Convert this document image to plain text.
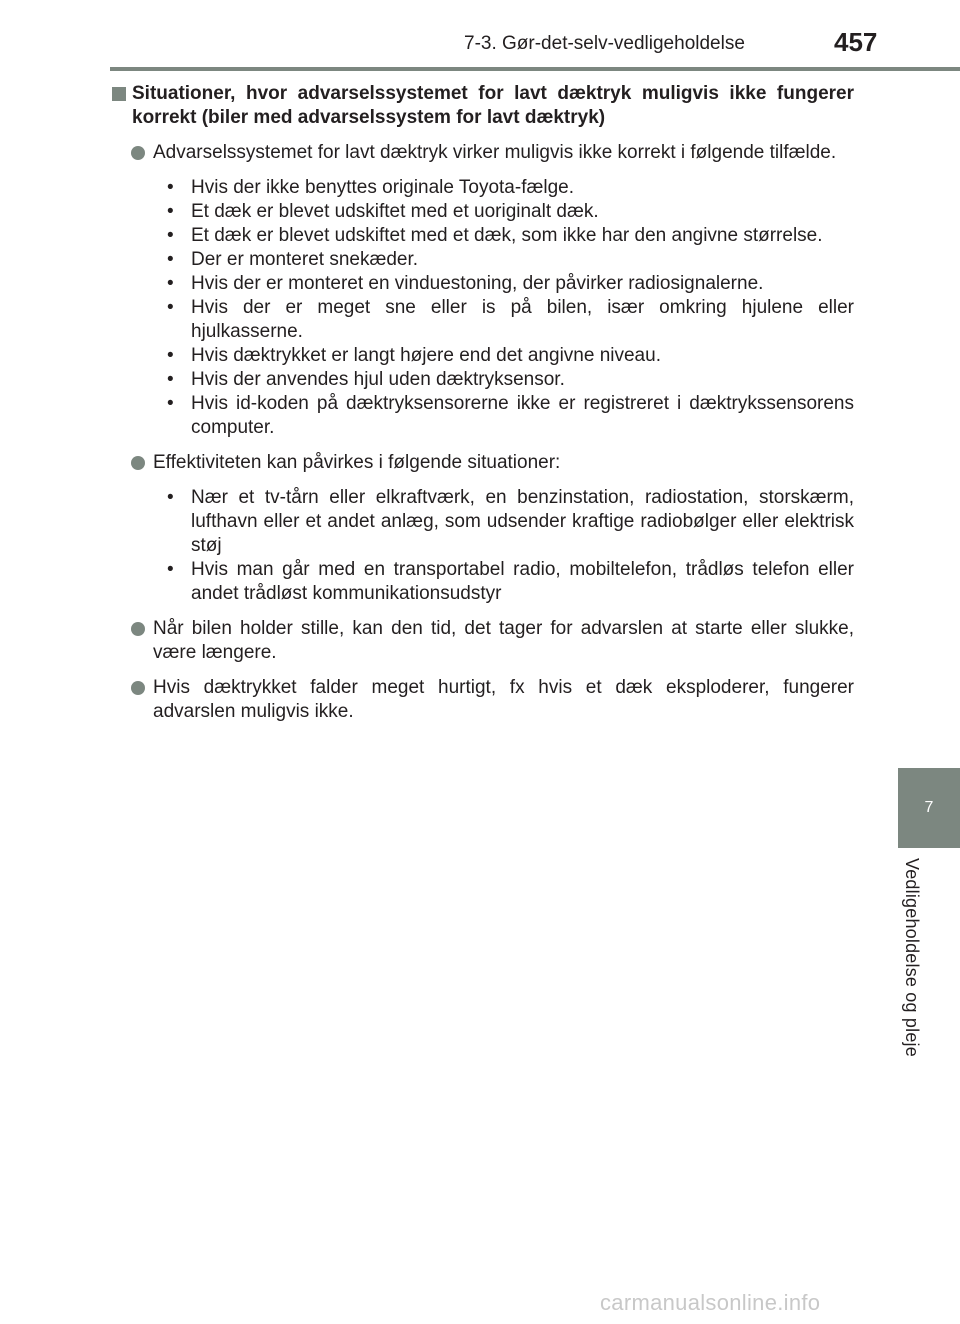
7-3. Gør-det-selv-vedligeholdelse	457
7
Vedligeholdelse og pleje
Situationer, hvor advarselssystemet for lavt dæktryk muligvis ikke fungerer korrekt (biler med advarselssystem for lavt dæktryk)
Advarselssystemet for lavt dæktryk virker muligvis ikke korrekt i følgende tilfælde.
• Hvis der ikke benyttes originale Toyota-fælge.
• Et dæk er blevet udskiftet med et uoriginalt dæk.
• Et dæk er blevet udskiftet med et dæk, som ikke har den angivne størrelse.
• Der er monteret snekæder.
• Hvis der er monteret en vinduestoning, der påvirker radiosignalerne.
• Hvis der er meget sne eller is på bilen, især omkring hjulene eller hjulkasserne.
• Hvis dæktrykket er langt højere end det angivne niveau.
• Hvis der anvendes hjul uden dæktryksensor.
• Hvis id-koden på dæktryksensorerne ikke er registreret i dæktrykssensorens computer.
Effektiviteten kan påvirkes i følgende situationer:
• Nær et tv-tårn eller elkraftværk, en benzinstation, radiostation, storskærm, lufthavn eller et andet anlæg, som udsender kraftige radiobølger eller elektrisk støj
• Hvis man går med en transportabel radio, mobiltelefon, trådløs telefon eller andet trådløst kommunikationsudstyr
Når bilen holder stille, kan den tid, det tager for advarslen at starte eller slukke, være længere.
Hvis dæktrykket falder meget hurtigt, fx hvis et dæk eksploderer, fungerer advarslen muligvis ikke.
carmanualsonline.info
